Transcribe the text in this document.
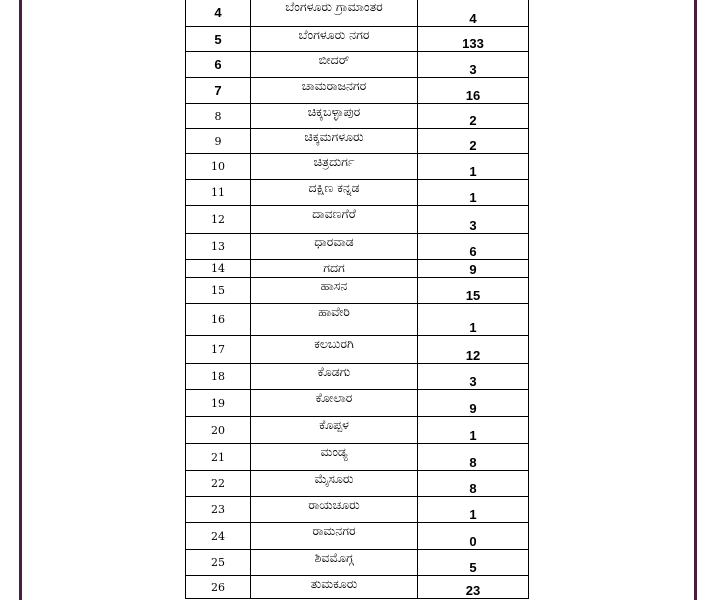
4	ಬೆಂಗಳೂರು ಗ್ರಾಮಾಂತರ	4
5	ಬೆಂಗಳೂರು ನಗರ	133
6	ಬೀದರ್	3
7	ಚಾಮರಾಜನಗರ	16
8	ಚಿಕ್ಕಬಳ್ಳಾಪುರ	2
9	ಚಿಕ್ಕಮಗಳೂರು	2
10	ಚಿತ್ರದುರ್ಗ	1
11	ದಕ್ಷಿಣ ಕನ್ನಡ	1
12	ದಾವಣಗೆರೆ	3
13	ಧಾರವಾಡ	6
14	ಗದಗ	9
15	ಹಾಸನ	15
16	ಹಾವೇರಿ	1
17	ಕಲಬುರಗಿ	12
18	ಕೊಡಗು	3
19	ಕೋಲಾರ	9
20	ಕೊಪ್ಪಳ	1
21	ಮಂಡ್ಯ	8
22	ಮೈಸೂರು	8
23	ರಾಯಚೂರು	1
24	ರಾಮನಗರ	0
25	ಶಿವಮೊಗ್ಗ	5
26	ತುಮಕೂರು	23
